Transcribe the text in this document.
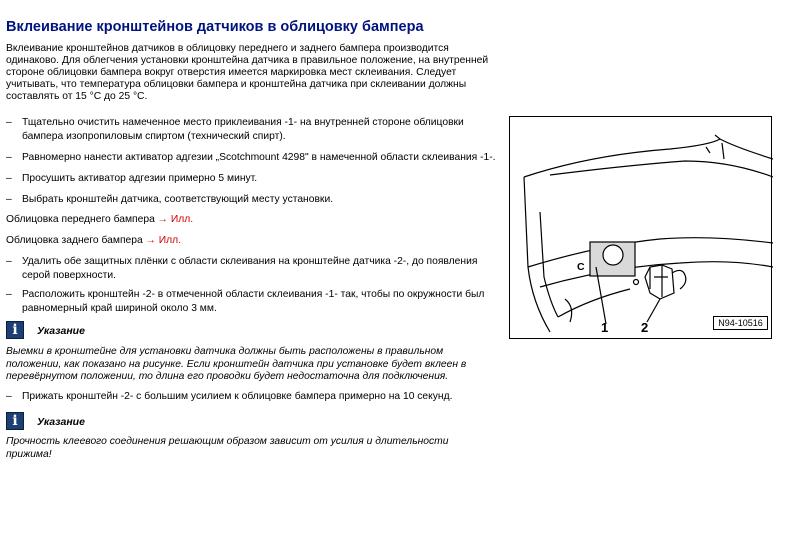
Вклеивание кронштейнов датчиков в облицовку бампера
Вклеивание кронштейнов датчиков в облицовку переднего и заднего бампера производится одинаково. Для облегчения установки кронштейна датчика в правильное положение, на внутренней стороне облицовки бампера вокруг отверстия имеется маркировка мест склеивания. Следует учитывать, что температура облицовки бампера и кронштейна датчика при склеивании должны составлять от 15 °C до 25 °C.
– Тщательно очистить намеченное место приклеивания -1- на внутренней стороне облицовки бампера изопропиловым спиртом (технический спирт).
– Равномерно нанести активатор адгезии „Scotchmount 4298" в намеченной области склеивания -1-.
– Просушить активатор адгезии примерно 5 минут.
– Выбрать кронштейн датчика, соответствующий месту установки.
Облицовка переднего бампера → Илл.
Облицовка заднего бампера → Илл.
– Удалить обе защитных плёнки с области склеивания на кронштейне датчика -2-, до появления серой поверхности.
– Расположить кронштейн -2- в отмеченной области склеивания -1- так, чтобы по окружности был равномерный край шириной около 3 мм.
i	Указание
Выемки в кронштейне для установки датчика должны быть расположены в правильном положении, как показано на рисунке. Если кронштейн датчика при установке будет вклеен в перевёрнутом положении, то длина его проводки будет недостаточна для подключения.
– Прижать кронштейн -2- с большим усилием к облицовке бампера примерно на 10 секунд.
i	Указание
Прочность клеевого соединения решающим образом зависит от усилия и длительности прижима!
C
1	2	N94-10516
